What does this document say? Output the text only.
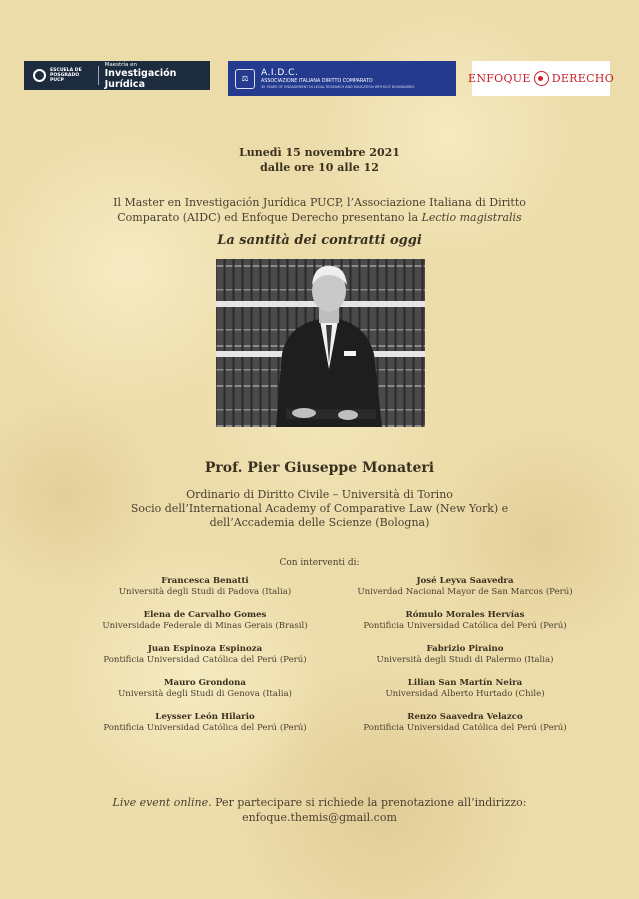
ESCUELA DE
POSGRADO
PUCP
Maestría en
Investigación Jurídica	⚖
A.I.D.C.
ASSOCIAZIONE ITALIANA DIRITTO COMPARATO
30 YEARS OF ENGAGEMENT IN LEGAL RESEARCH AND EDUCATION WITHOUT BOUNDARIES
ENFOQUE DERECHO
Lunedì 15 novembre 2021
dalle ore 10 alle 12
Il Master en Investigación Jurídica PUCP, l’Associazione Italiana di Diritto
Comparato (AIDC) ed Enfoque Derecho presentano la Lectio magistralis
La santità dei contratti oggi
Prof. Pier Giuseppe Monateri
Ordinario di Diritto Civile – Università di Torino
Socio dell’International Academy of Comparative Law (New York) e
dell’Accademia delle Scienze (Bologna)
Con interventi di:
Francesca Benatti
Università degli Studi di Padova (Italia)
José Leyva Saavedra
Univerdad Nacional Mayor de San Marcos (Perú)
Elena de Carvalho Gomes
Universidade Federale di Minas Gerais (Brasil)
Rómulo Morales Hervías
Pontificia Universidad Católica del Perú (Perú)
Juan Espinoza Espinoza
Pontificia Universidad Católica del Perú (Perú)
Fabrizio Piraino
Università degli Studi di Palermo (Italia)
Mauro Grondona
Università degli Studi di Genova (Italia)
Lilian San Martín Neira
Universidad Alberto Hurtado (Chile)
Leysser León Hilario
Pontificia Universidad Católica del Perú (Perú)
Renzo Saavedra Velazco
Pontificia Universidad Católica del Perú (Perú)
Live event online. Per partecipare si richiede la prenotazione all’indirizzo:
enfoque.themis@gmail.com
